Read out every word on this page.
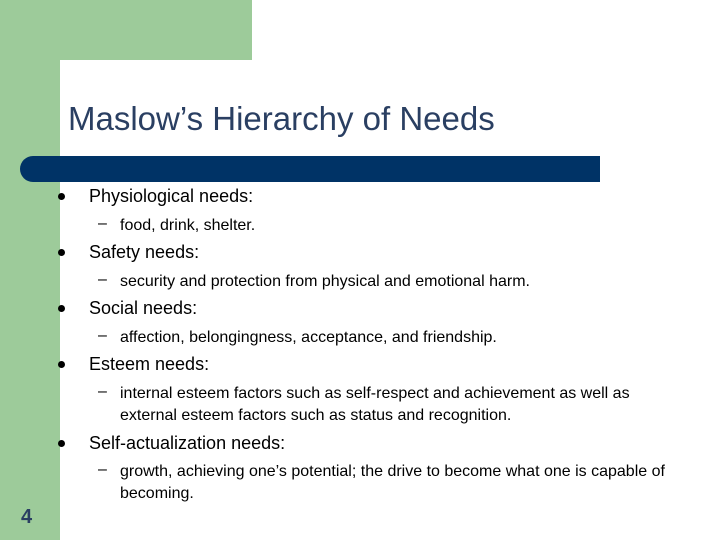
Maslow’s Hierarchy of Needs
Physiological needs:
– food, drink, shelter.
Safety needs:
– security and protection from physical and emotional harm.
Social needs:
– affection, belongingness, acceptance, and friendship.
Esteem needs:
– internal esteem factors such as self-respect and achievement as well as external esteem factors such as status and recognition.
Self-actualization needs:
– growth, achieving one’s potential; the drive to become what one is capable of becoming.
4
